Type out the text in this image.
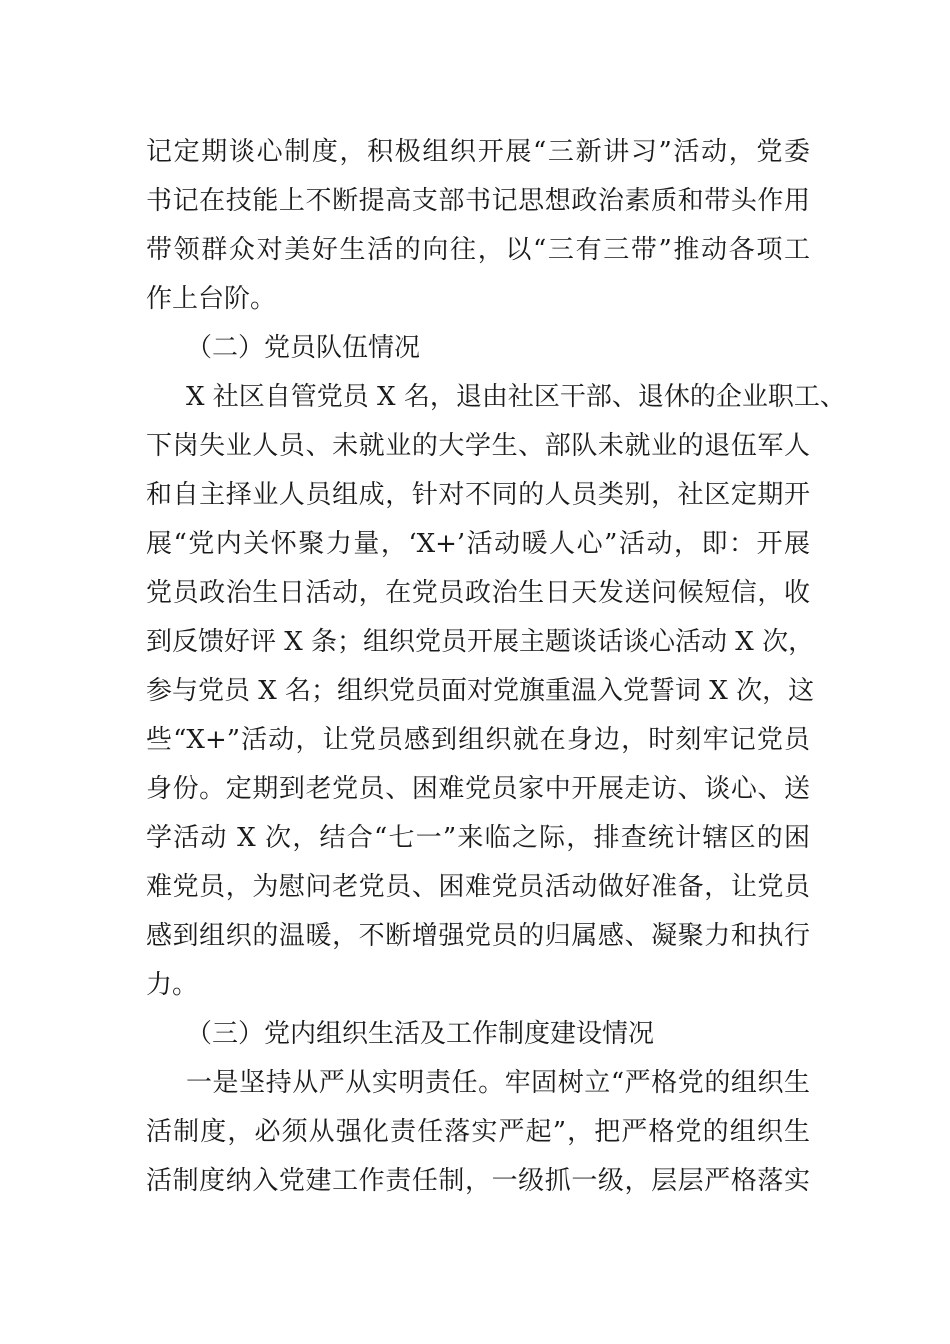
记定期谈心制度，积极组织开展“三新讲习”活动，党委
书记在技能上不断提高支部书记思想政治素质和带头作用
带领群众对美好生活的向往，以“三有三带”推动各项工
作上台阶。
（二）党员队伍情况
X 社区自管党员 X 名，退由社区干部、退休的企业职工、
下岗失业人员、未就业的大学生、部队未就业的退伍军人
和自主择业人员组成，针对不同的人员类别，社区定期开
展“党内关怀聚力量，‘X+’活动暖人心”活动，即：开展
党员政治生日活动，在党员政治生日天发送问候短信，收
到反馈好评 X 条；组织党员开展主题谈话谈心活动 X 次，
参与党员 X 名；组织党员面对党旗重温入党誓词 X 次，这
些“X+”活动，让党员感到组织就在身边，时刻牢记党员
身份。定期到老党员、困难党员家中开展走访、谈心、送
学活动 X 次，结合“七一”来临之际，排查统计辖区的困
难党员，为慰问老党员、困难党员活动做好准备，让党员
感到组织的温暖，不断增强党员的归属感、凝聚力和执行
力。
（三）党内组织生活及工作制度建设情况
一是坚持从严从实明责任。牢固树立“严格党的组织生
活制度，必须从强化责任落实严起”，把严格党的组织生
活制度纳入党建工作责任制，一级抓一级，层层严格落实
